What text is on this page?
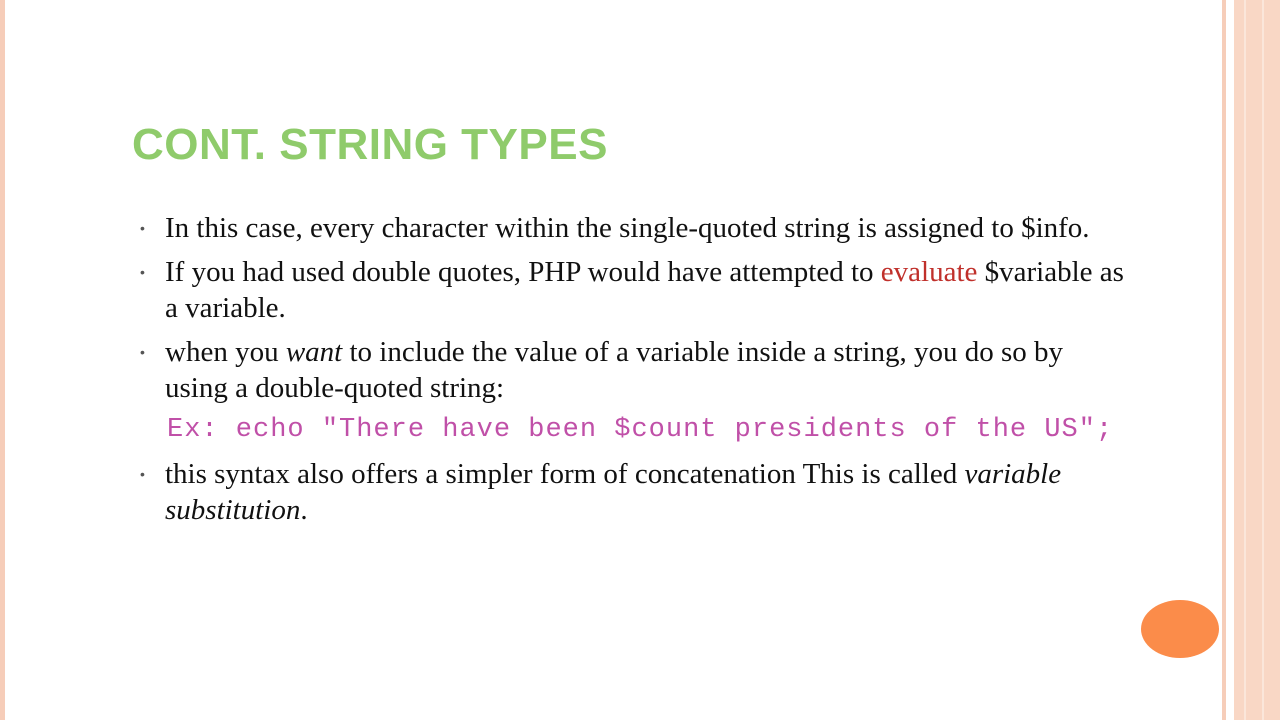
CONT. STRING TYPES
• In this case, every character within the single-quoted string is assigned to $info.
• If you had used double quotes, PHP would have attempted to evaluate $variable as a variable.
• when you want to include the value of a variable inside a string, you do so by using a double-quoted string:
Ex: echo "There have been $count presidents of the US";
• this syntax also offers a simpler form of concatenation This is called variable substitution.
